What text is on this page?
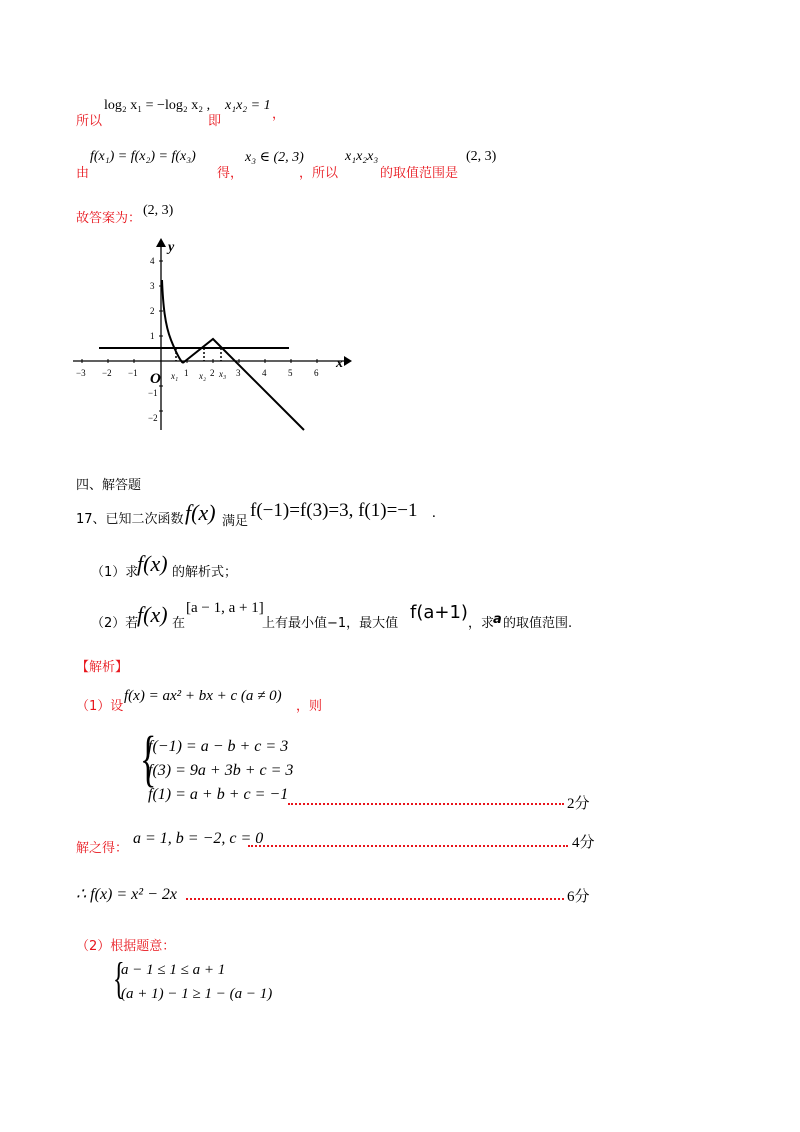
所以
log₂ x₁ = −log₂ x₂ ,
即
x₁x₂ = 1
，
由
f(x₁) = f(x₂) = f(x₃)
得，
x₃ ∈ (2, 3)
，所以
x₁x₂x₃
的取值范围是
(2, 3)
故答案为：
(2, 3)
−3 −2 −1	1 2 3 4 5 6
4
3
2
1
−1
−2
y
x
O x₁ x₂ x₃
四、解答题
17、已知二次函数 f(x) 满足
f(−1)=f(3)=3, f(1)=−1 .
（1）求
f(x) 的解析式；
（2）若
f(x) 在
[a − 1, a + 1]
上有最小值−1，最大值
f(a+1)
，求
a 的取值范围.
【解析】
（1）设
f(x) = ax² + bx + c (a ≠ 0)
，则
{
f(−1) = a − b + c = 3
f(3) = 9a + 3b + c = 3
f(1) = a + b + c = −1
2分
解之得：
a = 1, b = −2, c = 0	4分
∴ f(x) = x² − 2x	6分
（2）根据题意：
{
a − 1 ≤ 1 ≤ a + 1
(a + 1) − 1 ≥ 1 − (a − 1)
